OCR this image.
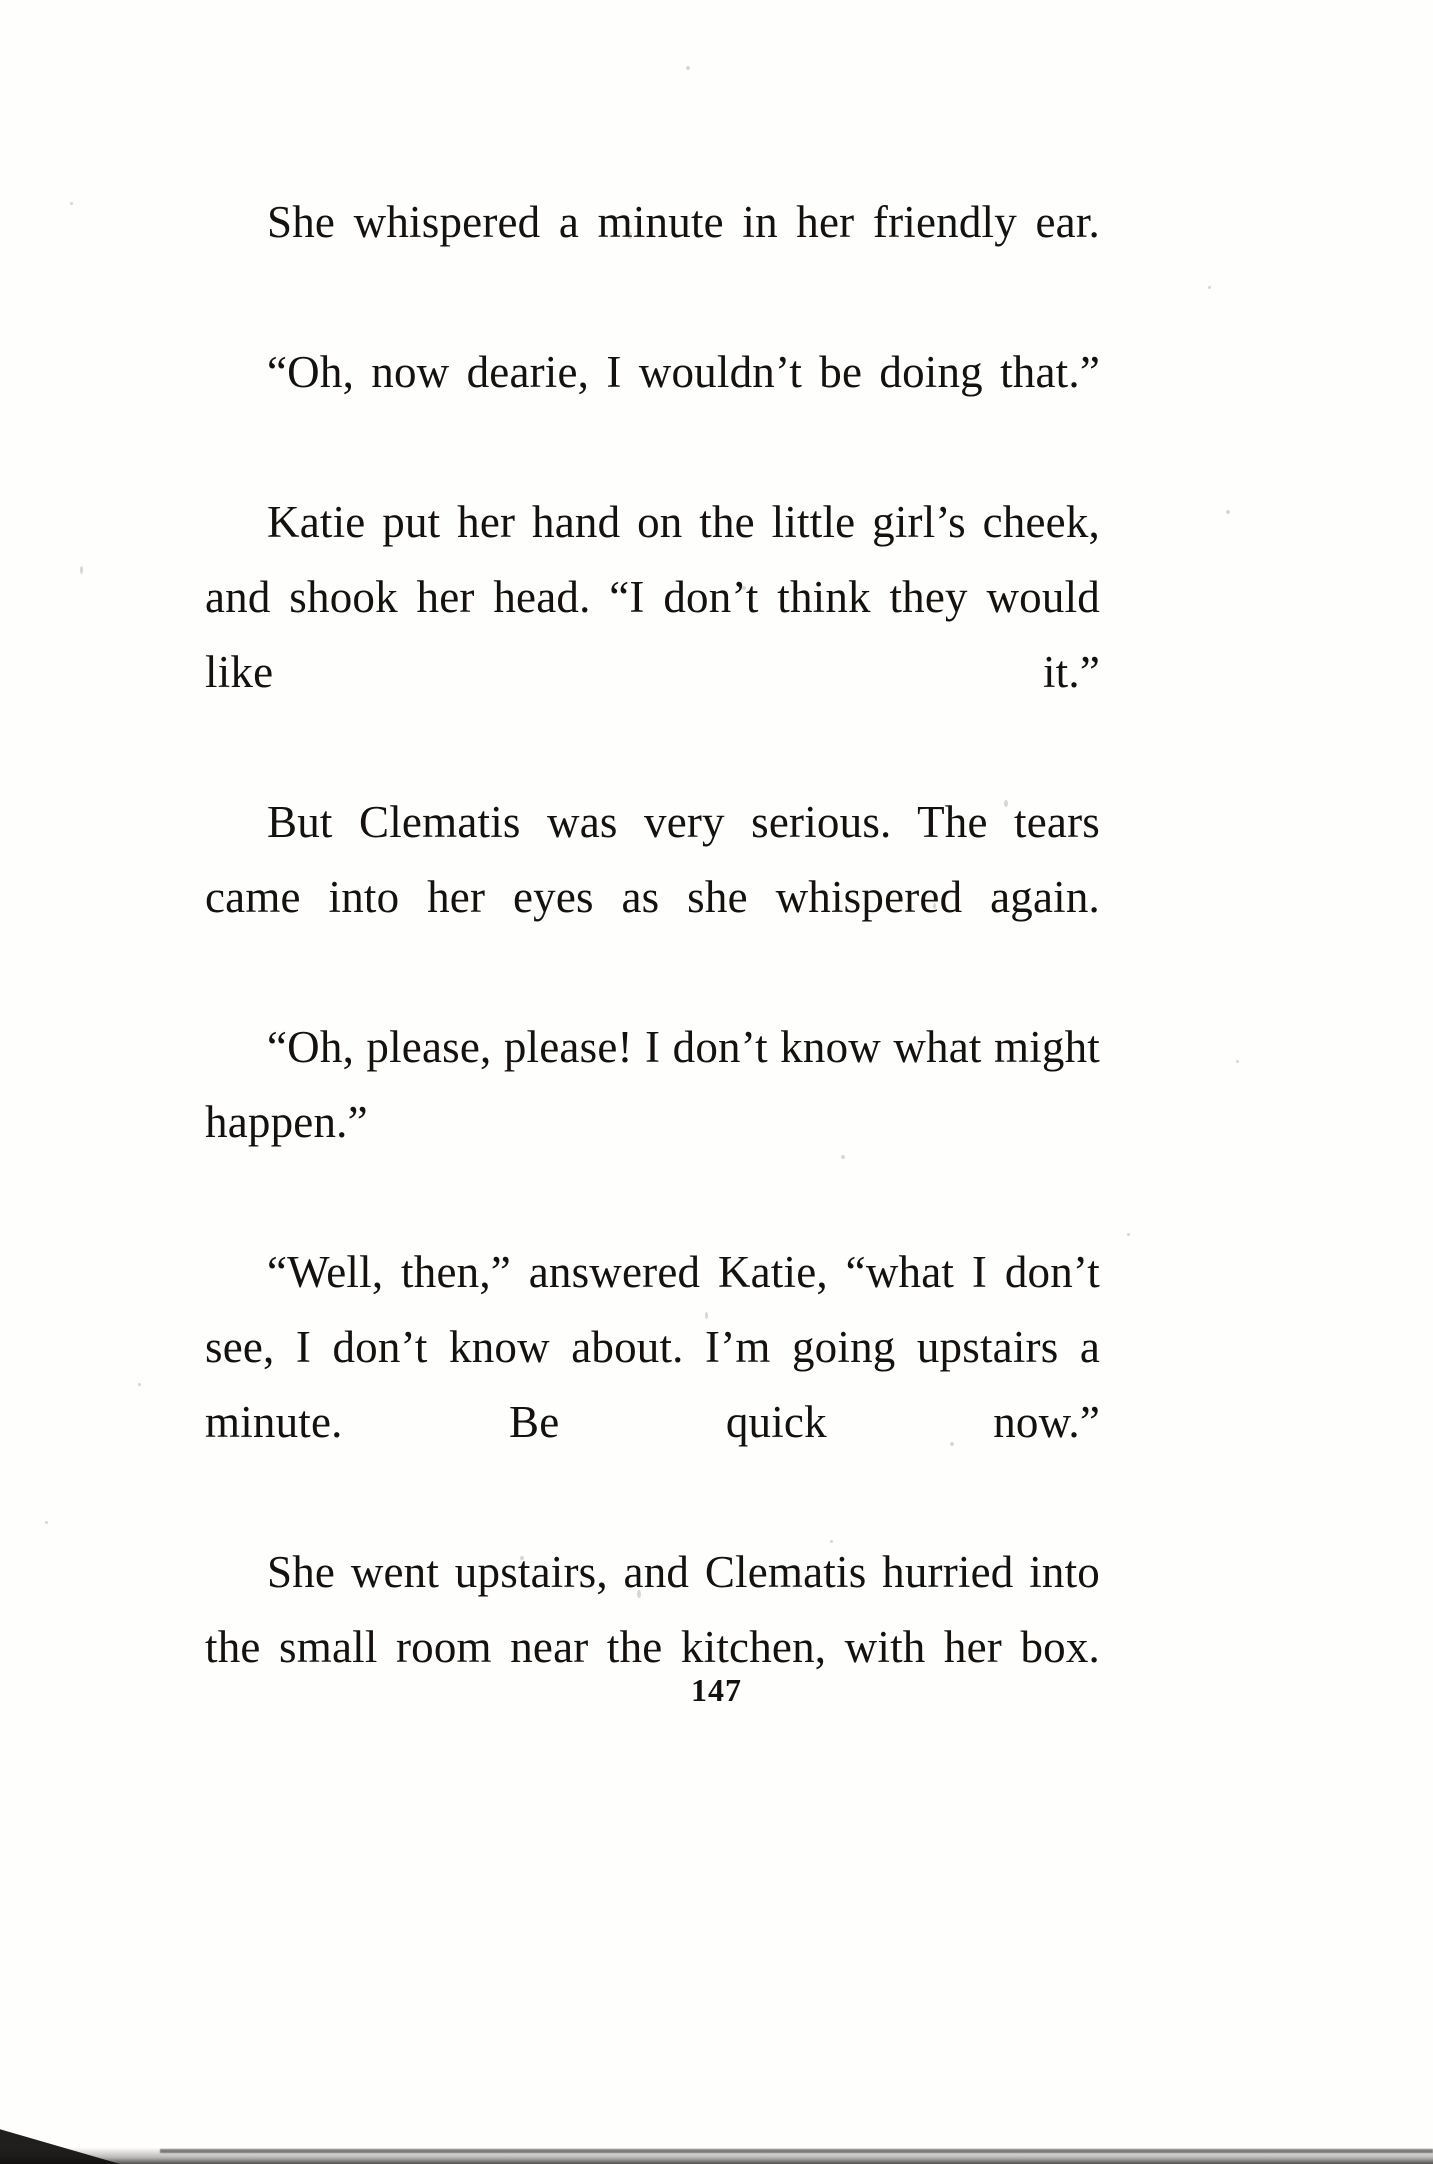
She whispered a minute in her friendly ear.

“Oh, now dearie, I wouldn’t be doing that.”

Katie put her hand on the little girl’s cheek, and shook her head. “I don’t think they would like it.”

But Clematis was very serious. The tears came into her eyes as she whispered again.

“Oh, please, please! I don’t know what might happen.”

“Well, then,” answered Katie, “what I don’t see, I don’t know about. I’m going upstairs a minute. Be quick now.”

She went upstairs, and Clematis hurried into the small room near the kitchen, with her box.

147
